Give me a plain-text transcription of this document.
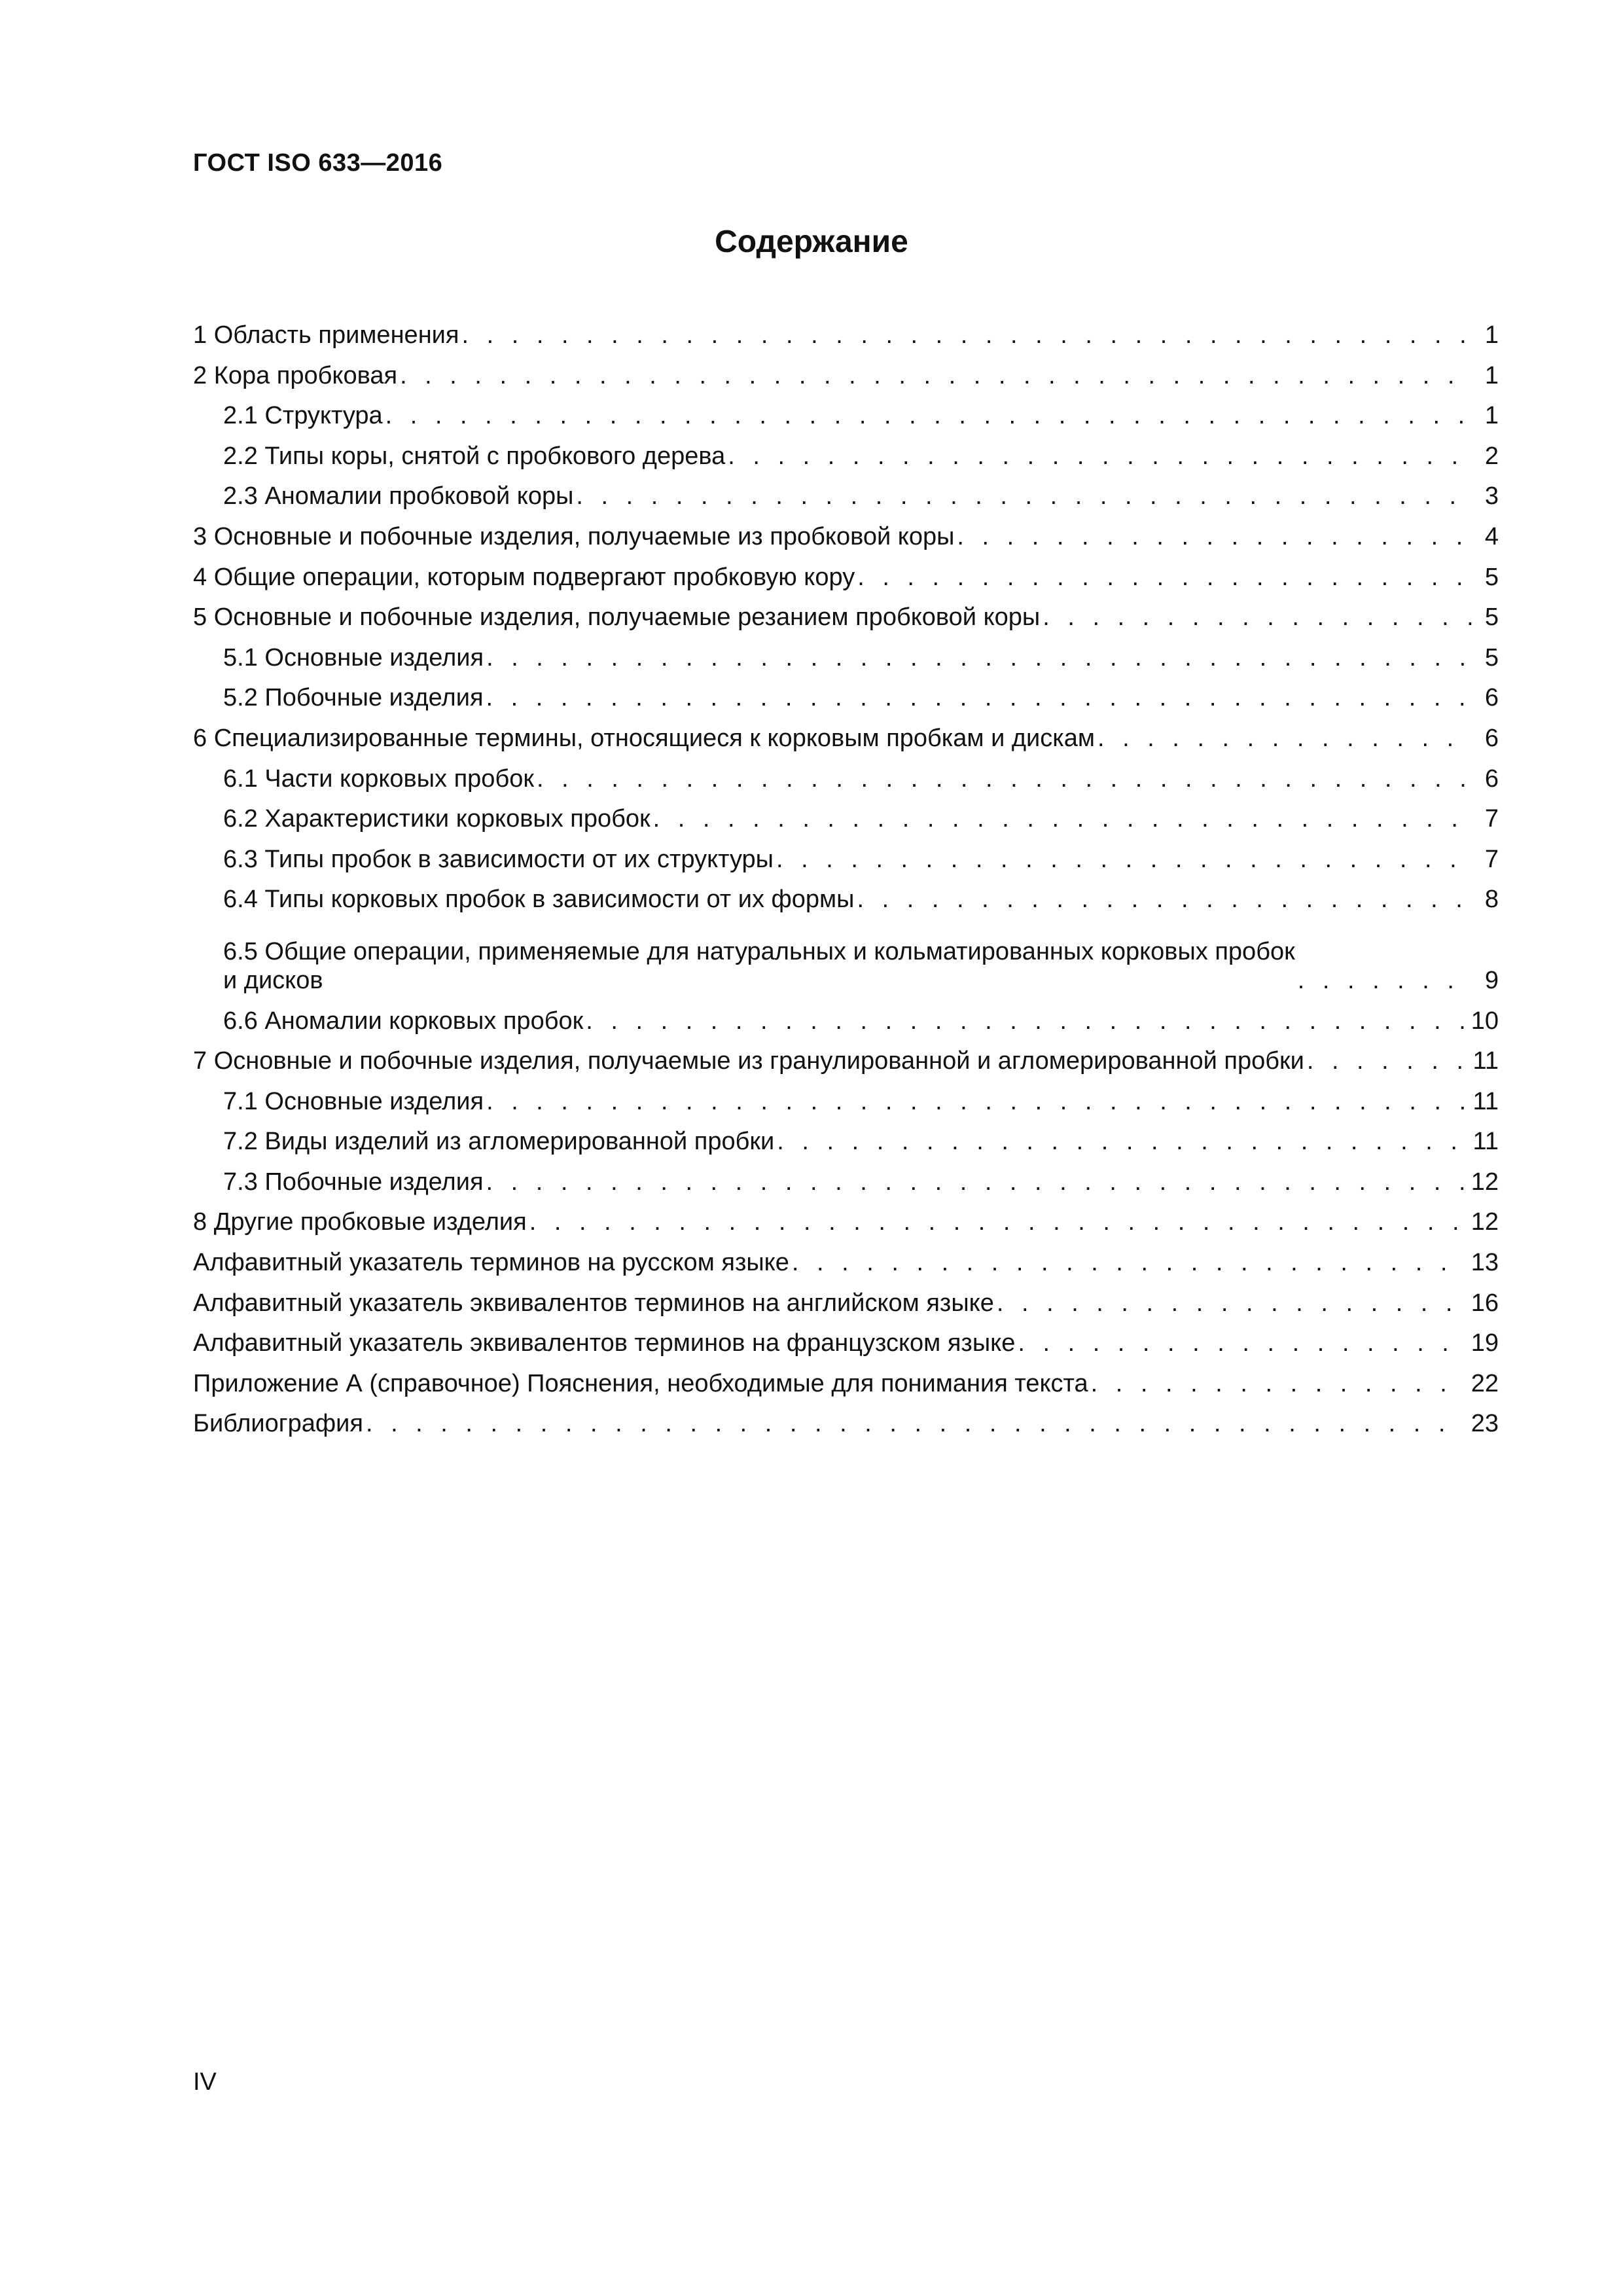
ГОСТ ISO 633—2016
Содержание
1 Область применения . . .	1
2 Кора пробковая . . .	1
2.1 Структура . . .	1
2.2 Типы коры, снятой с пробкового дерева . . .	2
2.3 Аномалии пробковой коры . . .	3
3 Основные и побочные изделия, получаемые из пробковой коры . . .	4
4 Общие операции, которым подвергают пробковую кору . . .	5
5 Основные и побочные изделия, получаемые резанием пробковой коры . . .	5
5.1 Основные изделия . . .	5
5.2 Побочные изделия . . .	6
6 Специализированные термины, относящиеся к корковым пробкам и дискам . . .	6
6.1 Части корковых пробок . . .	6
6.2 Характеристики корковых пробок . . .	7
6.3 Типы пробок в зависимости от их структуры . . .	7
6.4 Типы корковых пробок в зависимости от их формы . . .	8
6.5 Общие операции, применяемые для натуральных и кольматированных корковых пробок
и дисков . . .	9
6.6 Аномалии корковых пробок . . .	10
7 Основные и побочные изделия, получаемые из гранулированной и агломерированной пробки . . .	11
7.1 Основные изделия . . .	11
7.2 Виды изделий из агломерированной пробки . . .	11
7.3 Побочные изделия . . .	12
8 Другие пробковые изделия . . .	12
Алфавитный указатель терминов на русском языке . . .	13
Алфавитный указатель эквивалентов терминов на английском языке . . .	16
Алфавитный указатель эквивалентов терминов на французском языке . . .	19
Приложение А (справочное) Пояснения, необходимые для понимания текста . . .	22
Библиография . . .	23
IV
